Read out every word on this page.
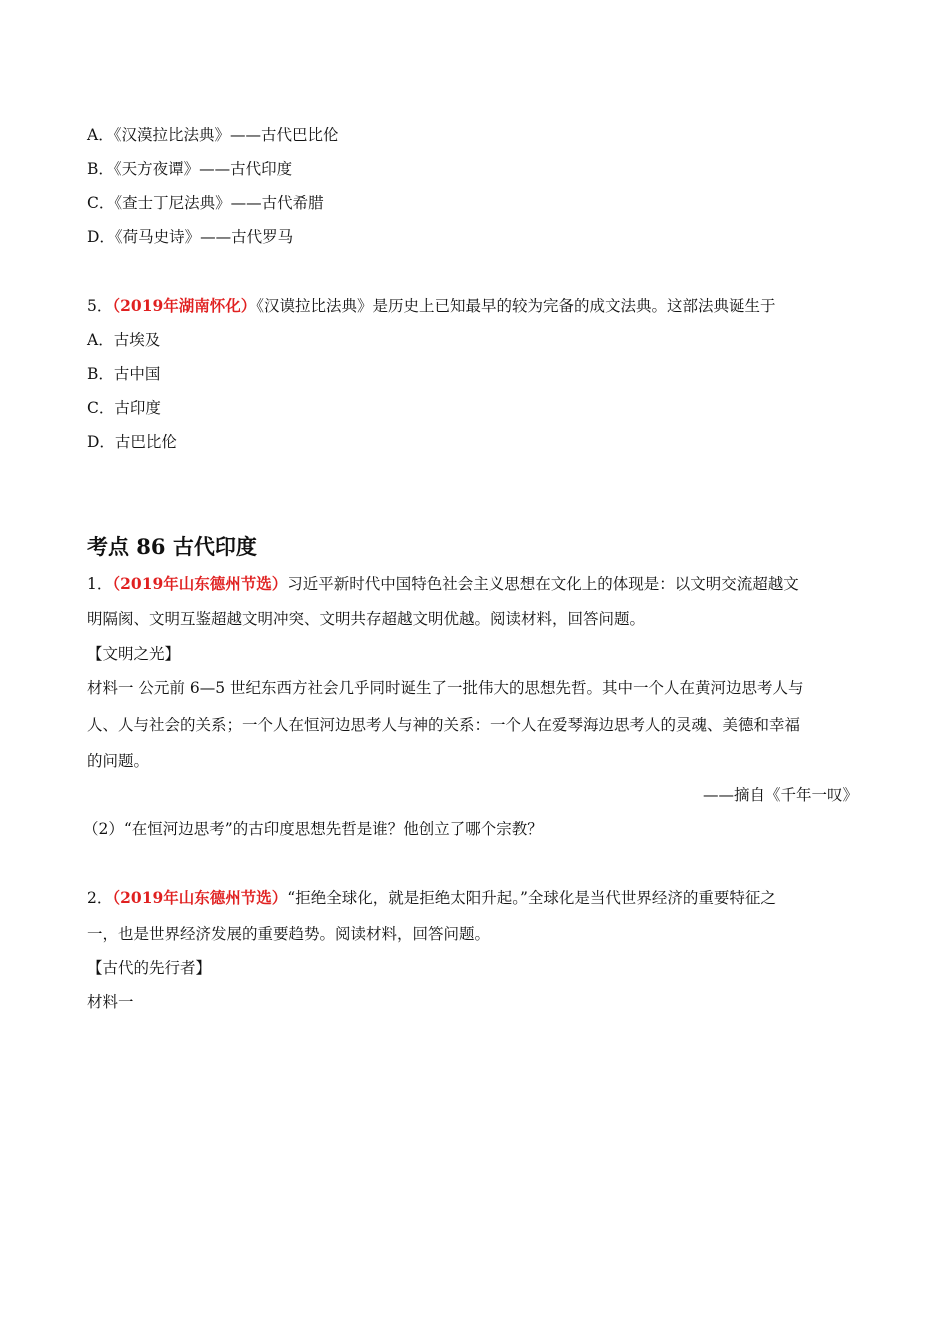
A．《汉漠拉比法典》——古代巴比伦
B．《天方夜谭》——古代印度
C．《查士丁尼法典》——古代希腊
D．《荷马史诗》——古代罗马
5．（2019年湖南怀化）《汉谟拉比法典》是历史上已知最早的较为完备的成文法典。这部法典诞生于
A．古埃及
B．古中国
C．古印度
D．古巴比伦
考点 86 古代印度
1．（2019年山东德州节选）习近平新时代中国特色社会主义思想在文化上的体现是：以文明交流超越文
明隔阂、文明互鉴超越文明冲突、文明共存超越文明优越。阅读材料，回答问题。
【文明之光】
材料一 公元前 6—5 世纪东西方社会几乎同时诞生了一批伟大的思想先哲。其中一个人在黄河边思考人与
人、人与社会的关系；一个人在恒河边思考人与神的关系：一个人在爱琴海边思考人的灵魂、美德和幸福
的问题。
——摘自《千年一叹》
（2）“在恒河边思考”的古印度思想先哲是谁？他创立了哪个宗教？
2．（2019年山东德州节选）“拒绝全球化，就是拒绝太阳升起。”全球化是当代世界经济的重要特征之
一，也是世界经济发展的重要趋势。阅读材料，回答问题。
【古代的先行者】
材料一
